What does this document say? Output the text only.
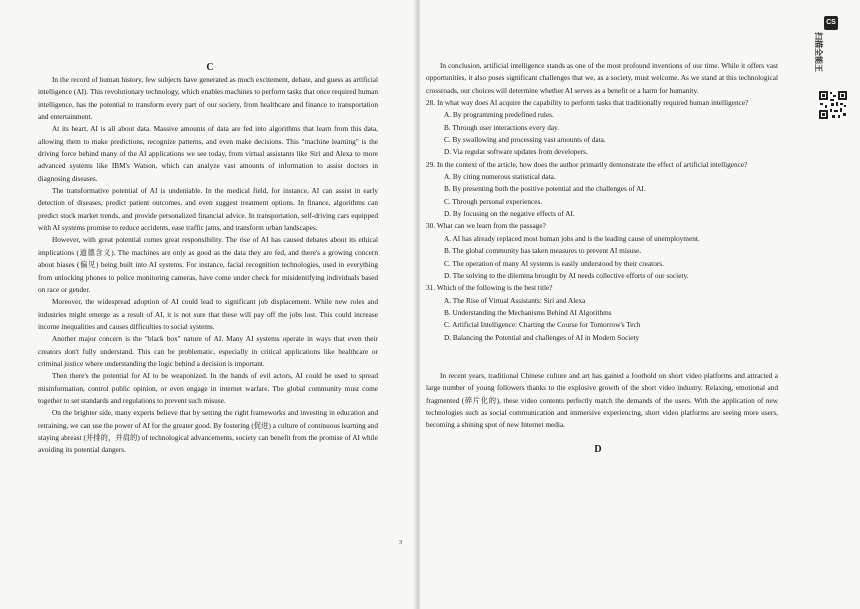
In the record of human history, few subjects have generated as much excitement, debate, and guess as artificial intelligence (AI). This revolutionary technology, which enables machines to perform tasks that once required human intelligence, has the potential to transform every part of our society, from healthcare and finance to transportation and entertainment.

At its heart, AI is all about data. Massive amounts of data are fed into algorithms that learn from this data, allowing them to make predictions, recognize patterns, and even make decisions. This "machine learning" is the driving force behind many of the AI applications we see today, from virtual assistants like Siri and Alexa to more advanced systems like IBM's Watson, which can analyze vast amounts of information to assist doctors in diagnosing diseases.

The transformative potential of AI is undeniable. In the medical field, for instance, AI can assist in early detection of diseases, predict patient outcomes, and even suggest treatment options. In finance, algorithms can predict stock market trends, and provide personalized financial advice. In transportation, self-driving cars equipped with AI systems promise to reduce accidents, ease traffic jams, and transform urban landscapes.

However, with great potential comes great responsibility. The rise of AI has caused debates about its ethical implications (道德含义). The machines are only as good as the data they are fed, and there's a growing concern about biases (偏见) being built into AI systems. For instance, facial recognition technologies, used in everything from unlocking phones to police monitoring cameras, have come under check for misidentifying individuals based on race or gender.

Moreover, the widespread adoption of AI could lead to significant job displacement. While new roles and industries might emerge as a result of AI, it is not sure that these will pay off the jobs lost. This could increase income inequalities and causes difficulties to social systems.

Another major concern is the "black box" nature of AI. Many AI systems operate in ways that even their creators don't fully understand. This can be problematic, especially in critical applications like healthcare or criminal justice where understanding the logic behind a decision is important.

Then there's the potential for AI to be weaponized. In the hands of evil actors, AI could be used to spread misinformation, control public opinion, or even engage in internet warfare. The global community must come together to set standards and regulations to prevent such misuse.

On the brighter side, many experts believe that by setting the right frameworks and investing in education and retraining, we can use the power of AI for the greater good. By fostering (促进) a culture of continuous learning and staying abreast (并排的，并肩的) of technological advancements, society can benefit from the promise of AI while avoiding its potential dangers.

C
3

In conclusion, artificial intelligence stands as one of the most profound inventions of our time. While it offers vast opportunities, it also poses significant challenges that we, as a society, must welcome. As we stand at this technological crossroads, our choices will determine whether AI serves as a benefit or a harm for humanity.

28. In what way does AI acquire the capability to perform tasks that traditionally required human intelligence?

A. By programming predefined rules.

B. Through user interactions every day.

C. By swallowing and processing vast amounts of data.

D. Via regular software updates from developers.

29. In the context of the article, how does the author primarily demonstrate the effect of artificial intelligence?

A. By citing numerous statistical data.

B. By presenting both the positive potential and the challenges of AI.

C. Through personal experiences.

D. By focusing on the negative effects of AI.

30. What can we learn from the passage?

A. AI has already replaced most human jobs and is the leading cause of unemployment.

B. The global community has taken measures to prevent AI misuse.

C. The operation of many AI systems is easily understood by their creators.

D. The solving to the dilemma brought by AI needs collective efforts of our society.

31. Which of the following is the best title?

A. The Rise of Virtual Assistants: Siri and Alexa

B. Understanding the Mechanisms Behind AI Algorithms

C. Artificial Intelligence: Charting the Course for Tomorrow's Tech

D. Balancing the Potential and challenges of AI in Modern Society

In recent years, traditional Chinese culture and art has gained a foothold on short video platforms and attracted a large number of young followers thanks to the explosive growth of the short video industry. Relaxing, emotional and fragmented (碎片化的), these video contents perfectly match the demands of the users. With the application of new technologies such as social communication and immersive experiencing, short video platforms are seeing more users, becoming a shining spot of new Internet media.

D
CS
扫描全能王
